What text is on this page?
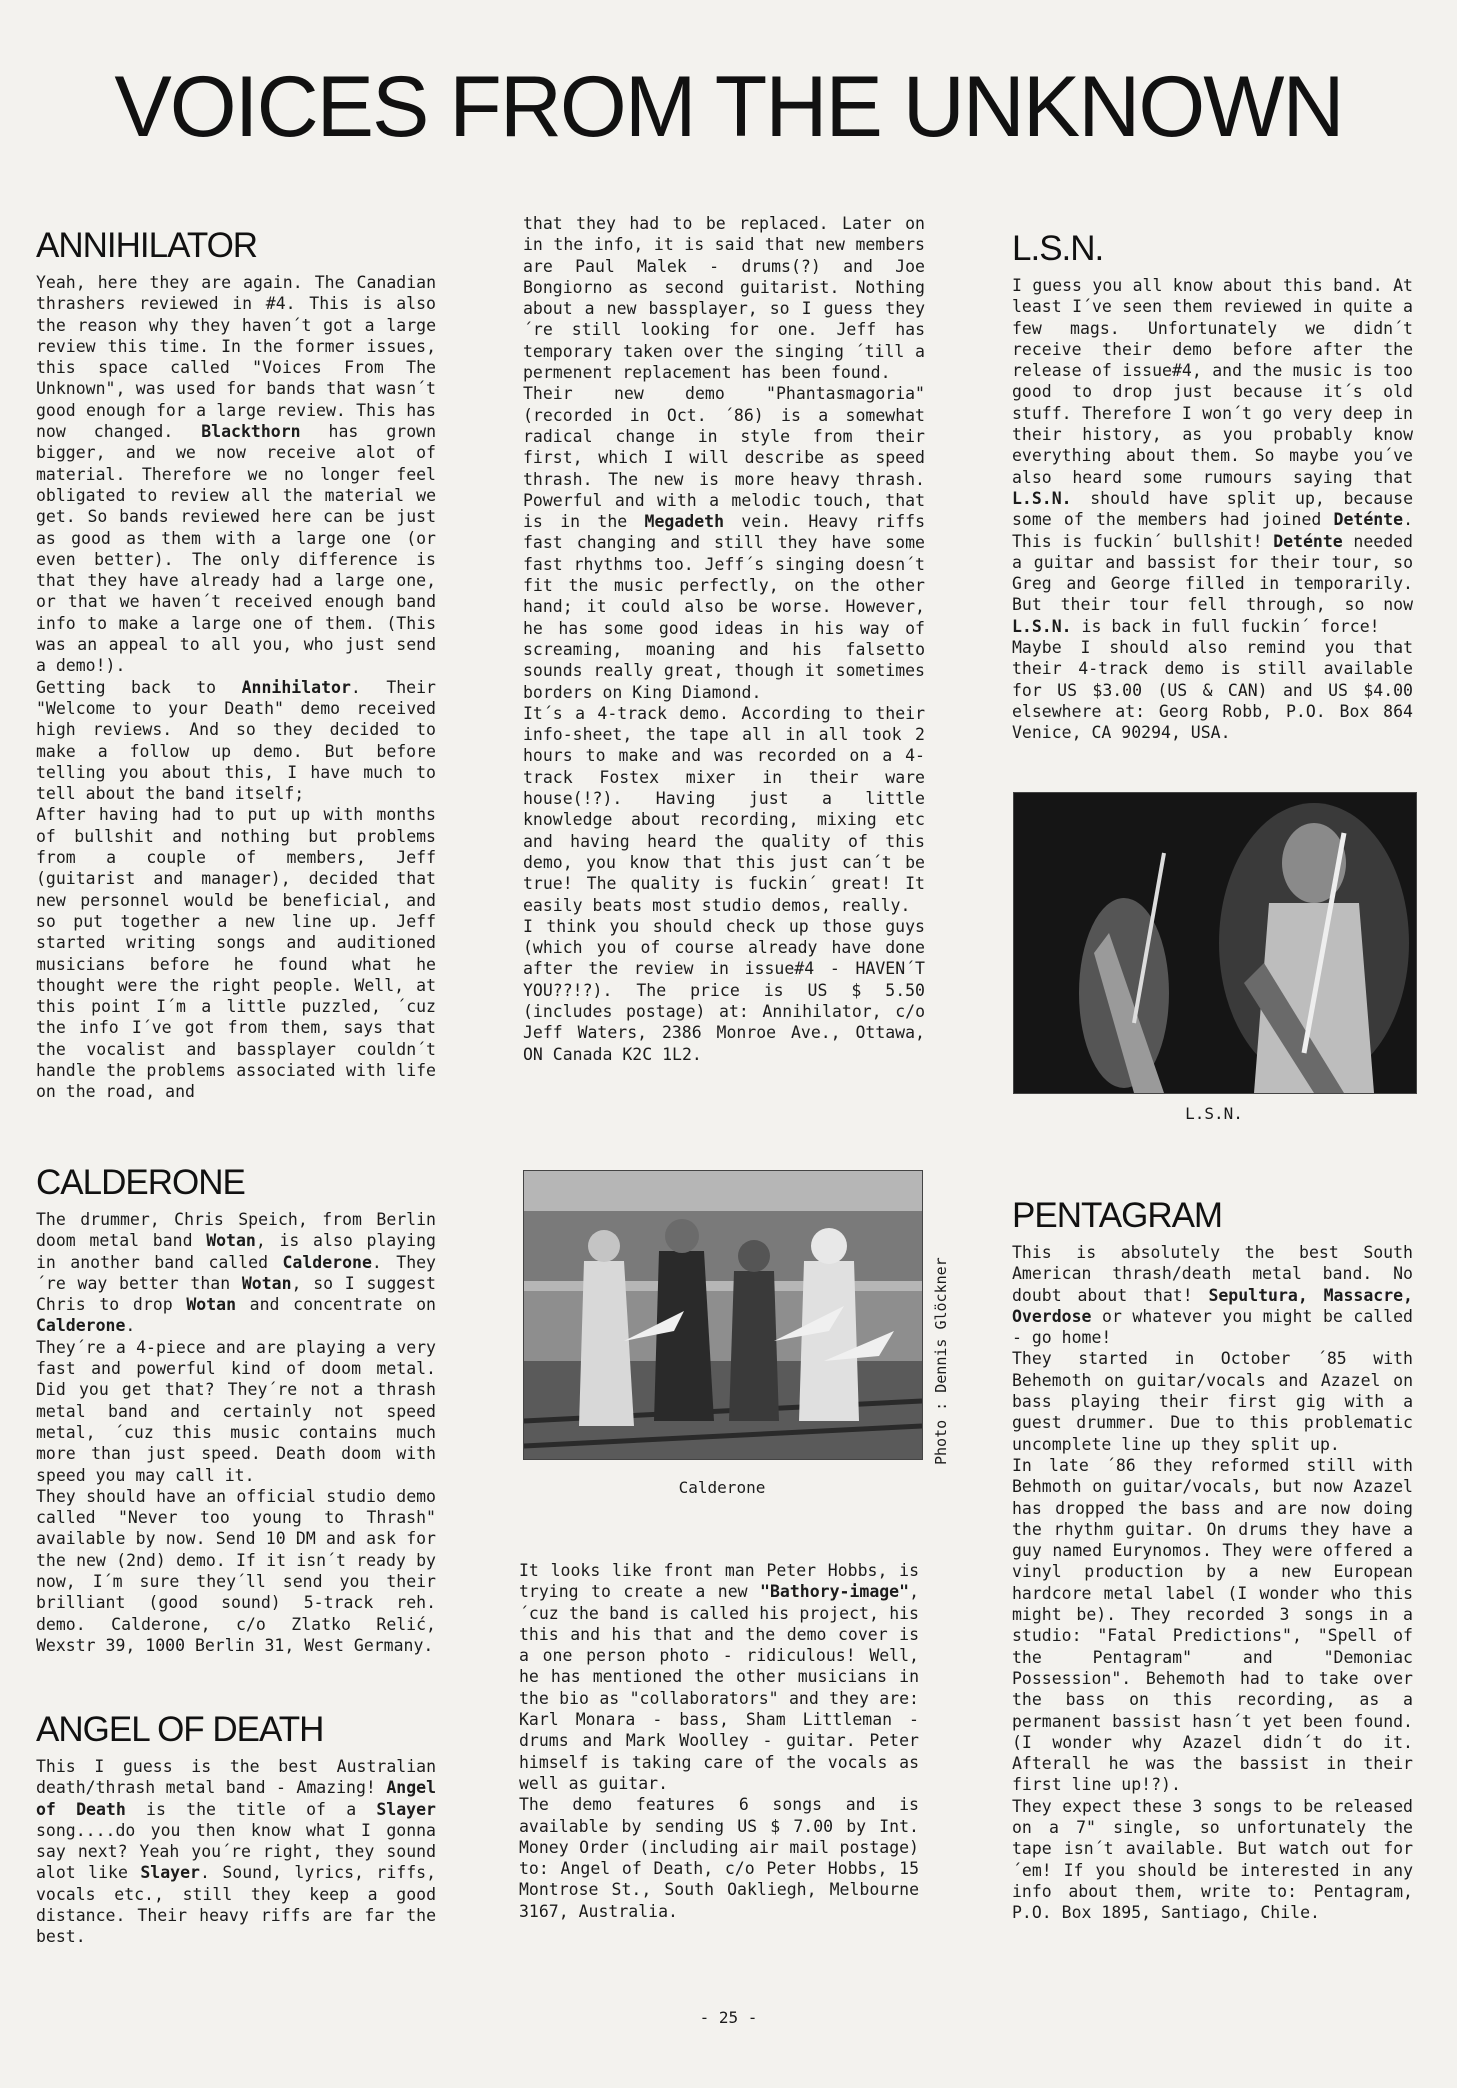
VOICES FROM THE UNKNOWN
ANNIHILATOR

Yeah, here they are again. The Canadian thrashers reviewed in #4. This is also the reason why they haven´t got a large review this time. In the former issues, this space called "Voices From The Unknown", was used for bands that wasn´t good enough for a large review. This has now changed. Blackthorn has grown bigger, and we now receive alot of material. Therefore we no longer feel obligated to review all the material we get. So bands reviewed here can be just as good as them with a large one (or even better). The only difference is that they have already had a large one, or that we haven´t received enough band info to make a large one of them. (This was an appeal to all you, who just send a demo!).

Getting back to Annihilator. Their "Welcome to your Death" demo received high reviews. And so they decided to make a follow up demo. But before telling you about this, I have much to tell about the band itself;

After having had to put up with months of bullshit and nothing but problems from a couple of members, Jeff (guitarist and manager), decided that new personnel would be beneficial, and so put together a new line up. Jeff started writing songs and auditioned musicians before he found what he thought were the right people. Well, at this point I´m a little puzzled, ´cuz the info I´ve got from them, says that the vocalist and bassplayer couldn´t handle the problems associated with life on the road, and

that they had to be replaced. Later on in the info, it is said that new members are Paul Malek - drums(?) and Joe Bongiorno as second guitarist. Nothing about a new bassplayer, so I guess they´re still looking for one. Jeff has temporary taken over the singing ´till a permenent replacement has been found.

Their new demo "Phantasmagoria" (recorded in Oct. ´86) is a somewhat radical change in style from their first, which I will describe as speed thrash. The new is more heavy thrash. Powerful and with a melodic touch, that is in the Megadeth vein. Heavy riffs fast changing and still they have some fast rhythms too. Jeff´s singing doesn´t fit the music perfectly, on the other hand; it could also be worse. However, he has some good ideas in his way of screaming, moaning and his falsetto sounds really great, though it sometimes borders on King Diamond.

It´s a 4-track demo. According to their info-sheet, the tape all in all took 2 hours to make and was recorded on a 4-track Fostex mixer in their ware house(!?). Having just a little knowledge about recording, mixing etc and having heard the quality of this demo, you know that this just can´t be true! The quality is fuckin´ great! It easily beats most studio demos, really.

I think you should check up those guys (which you of course already have done after the review in issue#4 - HAVEN´T YOU??!?). The price is US $ 5.50 (includes postage) at: Annihilator, c/o Jeff Waters, 2386 Monroe Ave., Ottawa, ON Canada K2C 1L2.

L.S.N.

I guess you all know about this band. At least I´ve seen them reviewed in quite a few mags. Unfortunately we didn´t receive their demo before after the release of issue#4, and the music is too good to drop just because it´s old stuff. Therefore I won´t go very deep in their history, as you probably know everything about them. So maybe you´ve also heard some rumours saying that L.S.N. should have split up, because some of the members had joined Deténte. This is fuckin´ bullshit! Deténte needed a guitar and bassist for their tour, so Greg and George filled in temporarily. But their tour fell through, so now L.S.N. is back in full fuckin´ force!

Maybe I should also remind you that their 4-track demo is still available for US $3.00 (US & CAN) and US $4.00 elsewhere at: Georg Robb, P.O. Box 864 Venice, CA 90294, USA.

L.S.N.
CALDERONE

The drummer, Chris Speich, from Berlin doom metal band Wotan, is also playing in another band called Calderone. They´re way better than Wotan, so I suggest Chris to drop Wotan and concentrate on Calderone.

They´re a 4-piece and are playing a very fast and powerful kind of doom metal. Did you get that? They´re not a thrash metal band and certainly not speed metal, ´cuz this music contains much more than just speed. Death doom with speed you may call it.

They should have an official studio demo called "Never too young to Thrash" available by now. Send 10 DM and ask for the new (2nd) demo. If it isn´t ready by now, I´m sure they´ll send you their brilliant (good sound) 5-track reh. demo. Calderone, c/o Zlatko Relić, Wexstr 39, 1000 Berlin 31, West Germany.

Photo : Dennis Glöckner
Calderone
ANGEL OF DEATH

This I guess is the best Australian death/thrash metal band - Amazing! Angel of Death is the title of a Slayer song....do you then know what I gonna say next? Yeah you´re right, they sound alot like Slayer. Sound, lyrics, riffs, vocals etc., still they keep a good distance. Their heavy riffs are far the best.

It looks like front man Peter Hobbs, is trying to create a new "Bathory-image", ´cuz the band is called his project, his this and his that and the demo cover is a one person photo - ridiculous! Well, he has mentioned the other musicians in the bio as "collaborators" and they are: Karl Monara - bass, Sham Littleman - drums and Mark Woolley - guitar. Peter himself is taking care of the vocals as well as guitar.

The demo features 6 songs and is available by sending US $ 7.00 by Int. Money Order (including air mail postage) to: Angel of Death, c/o Peter Hobbs, 15 Montrose St., South Oakliegh, Melbourne 3167, Australia.

PENTAGRAM

This is absolutely the best South American thrash/death metal band. No doubt about that! Sepultura, Massacre, Overdose or whatever you might be called - go home!

They started in October ´85 with Behemoth on guitar/vocals and Azazel on bass playing their first gig with a guest drummer. Due to this problematic uncomplete line up they split up.

In late ´86 they reformed still with Behmoth on guitar/vocals, but now Azazel has dropped the bass and are now doing the rhythm guitar. On drums they have a guy named Eurynomos. They were offered a vinyl production by a new European hardcore metal label (I wonder who this might be). They recorded 3 songs in a studio: "Fatal Predictions", "Spell of the Pentagram" and "Demoniac Possession". Behemoth had to take over the bass on this recording, as a permanent bassist hasn´t yet been found. (I wonder why Azazel didn´t do it. Afterall he was the bassist in their first line up!?).

They expect these 3 songs to be released on a 7" single, so unfortunately the tape isn´t available. But watch out for´em! If you should be interested in any info about them, write to: Pentagram, P.O. Box 1895, Santiago, Chile.

- 25 -
